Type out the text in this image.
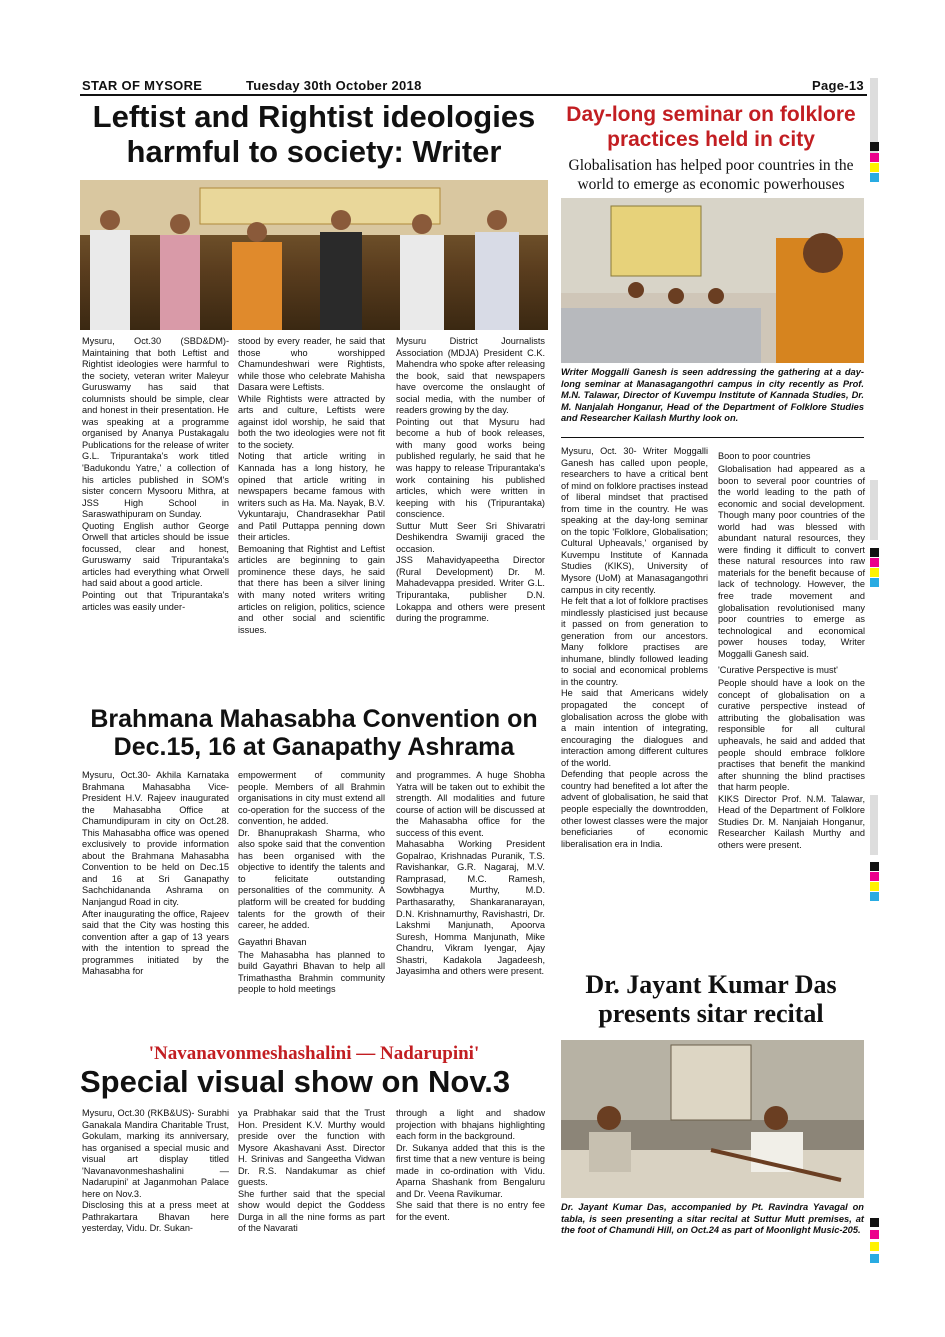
STAR OF MYSORE	Tuesday 30th October 2018	Page-13
Leftist and Rightist ideologies harmful to society: Writer
Mysuru, Oct.30 (SBD&DM)- Maintaining that both Leftist and Rightist ideologies were harmful to the society, veteran writer Maleyur Guruswamy has said that columnists should be simple, clear and honest in their presentation. He was speaking at a programme organised by Ananya Pustakagalu Publications for the release of writer G.L. Tripurantaka's work titled 'Badukondu Yatre,' a collection of his articles published in SOM's sister concern Mysooru Mithra, at JSS High School in Saraswathipuram on Sunday.
Quoting English author George Orwell that articles should be issue focussed, clear and honest, Guruswamy said Tripurantaka's articles had everything what Orwell had said about a good article.
Pointing out that Tripurantaka's articles was easily under-
stood by every reader, he said that those who worshipped Chamundeshwari were Rightists, while those who celebrate Mahisha Dasara were Leftists.
While Rightists were attracted by arts and culture, Leftists were against idol worship, he said that both the two ideologies were not fit to the society.
Noting that article writing in Kannada has a long history, he opined that article writing in newspapers became famous with writers such as Ha. Ma. Nayak, B.V. Vykuntaraju, Chandrasekhar Patil and Patil Puttappa penning down their articles.
Bemoaning that Rightist and Leftist articles are beginning to gain prominence these days, he said that there has been a silver lining with many noted writers writing articles on religion, politics, science and other social and scientific issues.
Mysuru District Journalists Association (MDJA) President C.K. Mahendra who spoke after releasing the book, said that newspapers have overcome the onslaught of social media, with the number of readers growing by the day.
Pointing out that Mysuru had become a hub of book releases, with many good works being published regularly, he said that he was happy to release Tripurantaka's work containing his published articles, which were written in keeping with his (Tripurantaka) conscience.
Suttur Mutt Seer Sri Shivaratri Deshikendra Swamiji graced the occasion.
JSS Mahavidyapeetha Director (Rural Development) Dr. M. Mahadevappa presided. Writer G.L. Tripurantaka, publisher D.N. Lokappa and others were present during the programme.
Brahmana Mahasabha Convention on Dec.15, 16 at Ganapathy Ashrama
Mysuru, Oct.30- Akhila Karnataka Brahmana Mahasabha Vice-President H.V. Rajeev inaugurated the Mahasabha Office at Chamundipuram in city on Oct.28. This Mahasabha office was opened exclusively to provide information about the Brahmana Mahasabha Convention to be held on Dec.15 and 16 at Sri Ganapathy Sachchidananda Ashrama on Nanjangud Road in city.
After inaugurating the office, Rajeev said that the City was hosting this convention after a gap of 13 years with the intention to spread the programmes initiated by the Mahasabha for
empowerment of community people. Members of all Brahmin organisations in city must extend all co-operation for the success of the convention, he added.
Dr. Bhanuprakash Sharma, who also spoke said that the convention has been organised with the objective to identify the talents and to felicitate outstanding personalities of the community. A platform will be created for budding talents for the growth of their career, he added.
Gayathri Bhavan
The Mahasabha has planned to build Gayathri Bhavan to help all Trimathastha Brahmin community people to hold meetings
and programmes. A huge Shobha Yatra will be taken out to exhibit the strength. All modalities and future course of action will be discussed at the Mahasabha office for the success of this event.
Mahasabha Working President Gopalrao, Krishnadas Puranik, T.S. Ravishankar, G.R. Nagaraj, M.V. Ramprasad, M.C. Ramesh, Sowbhagya Murthy, M.D. Parthasarathy, Shankaranarayan, D.N. Krishnamurthy, Ravishastri, Dr. Lakshmi Manjunath, Apoorva Suresh, Homma Manjunath, Mike Chandru, Vikram Iyengar, Ajay Shastri, Kadakola Jagadeesh, Jayasimha and others were present.
'Navanavonmeshashalini — Nadarupini'
Special visual show on Nov.3
Mysuru, Oct.30 (RKB&US)- Surabhi Ganakala Mandira Charitable Trust, Gokulam, marking its anniversary, has organised a special music and visual art display titled 'Navanavonmeshashalini — Nadarupini' at Jaganmohan Palace here on Nov.3.
Disclosing this at a press meet at Pathrakartara Bhavan here yesterday, Vidu. Dr. Sukan-
ya Prabhakar said that the Trust Hon. President K.V. Murthy would preside over the function with Mysore Akashavani Asst. Director H. Srinivas and Sangeetha Vidwan Dr. R.S. Nandakumar as chief guests.
She further said that the special show would depict the Goddess Durga in all the nine forms as part of the Navarati
through a light and shadow projection with bhajans highlighting each form in the background.
Dr. Sukanya added that this is the first time that a new venture is being made in co-ordination with Vidu. Aparna Shashank from Bengaluru and Dr. Veena Ravikumar.
She said that there is no entry fee for the event.
Day-long seminar on folklore practices held in city
Globalisation has helped poor countries in the world to emerge as economic powerhouses
Writer Moggalli Ganesh is seen addressing the gathering at a day-long seminar at Manasagangothri campus in city recently as Prof. M.N. Talawar, Director of Kuvempu Institute of Kannada Studies, Dr. M. Nanjalah Honganur, Head of the Department of Folklore Studies and Researcher Kailash Murthy look on.
Mysuru, Oct. 30- Writer Moggalli Ganesh has called upon people, researchers to have a critical bent of mind on folklore practises instead of liberal mindset that practised from time in the country. He was speaking at the day-long seminar on the topic 'Folklore, Globalisation; Cultural Upheavals,' organised by Kuvempu Institute of Kannada Studies (KIKS), University of Mysore (UoM) at Manasagangothri campus in city recently.
He felt that a lot of folklore practises mindlessly plasticised just because it passed on from generation to generation from our ancestors. Many folklore practises are inhumane, blindly followed leading to social and economical problems in the country.
He said that Americans widely propagated the concept of globalisation across the globe with a main intention of integrating, encouraging the dialogues and interaction among different cultures of the world.
Defending that people across the country had benefited a lot after the advent of globalisation, he said that people especially the downtrodden, other lowest classes were the major beneficiaries of economic liberalisation era in India.
Boon to poor countries
Globalisation had appeared as a boon to several poor countries of the world leading to the path of economic and social development. Though many poor countries of the world had was blessed with abundant natural resources, they were finding it difficult to convert these natural resources into raw materials for the benefit because of lack of technology. However, the free trade movement and globalisation revolutionised many poor countries to emerge as technological and economical power houses today, Writer Moggalli Ganesh said.
'Curative Perspective is must'
People should have a look on the concept of globalisation on a curative perspective instead of attributing the globalisation was responsible for all cultural upheavals, he said and added that people should embrace folklore practises that benefit the mankind after shunning the blind practises that harm people.
KIKS Director Prof. N.M. Talawar, Head of the Department of Folklore Studies Dr. M. Nanjaiah Honganur, Researcher Kailash Murthy and others were present.
Dr. Jayant Kumar Das presents sitar recital
Dr. Jayant Kumar Das, accompanied by Pt. Ravindra Yavagal on tabla, is seen presenting a sitar recital at Suttur Mutt premises, at the foot of Chamundi Hill, on Oct.24 as part of Moonlight Music-205.
